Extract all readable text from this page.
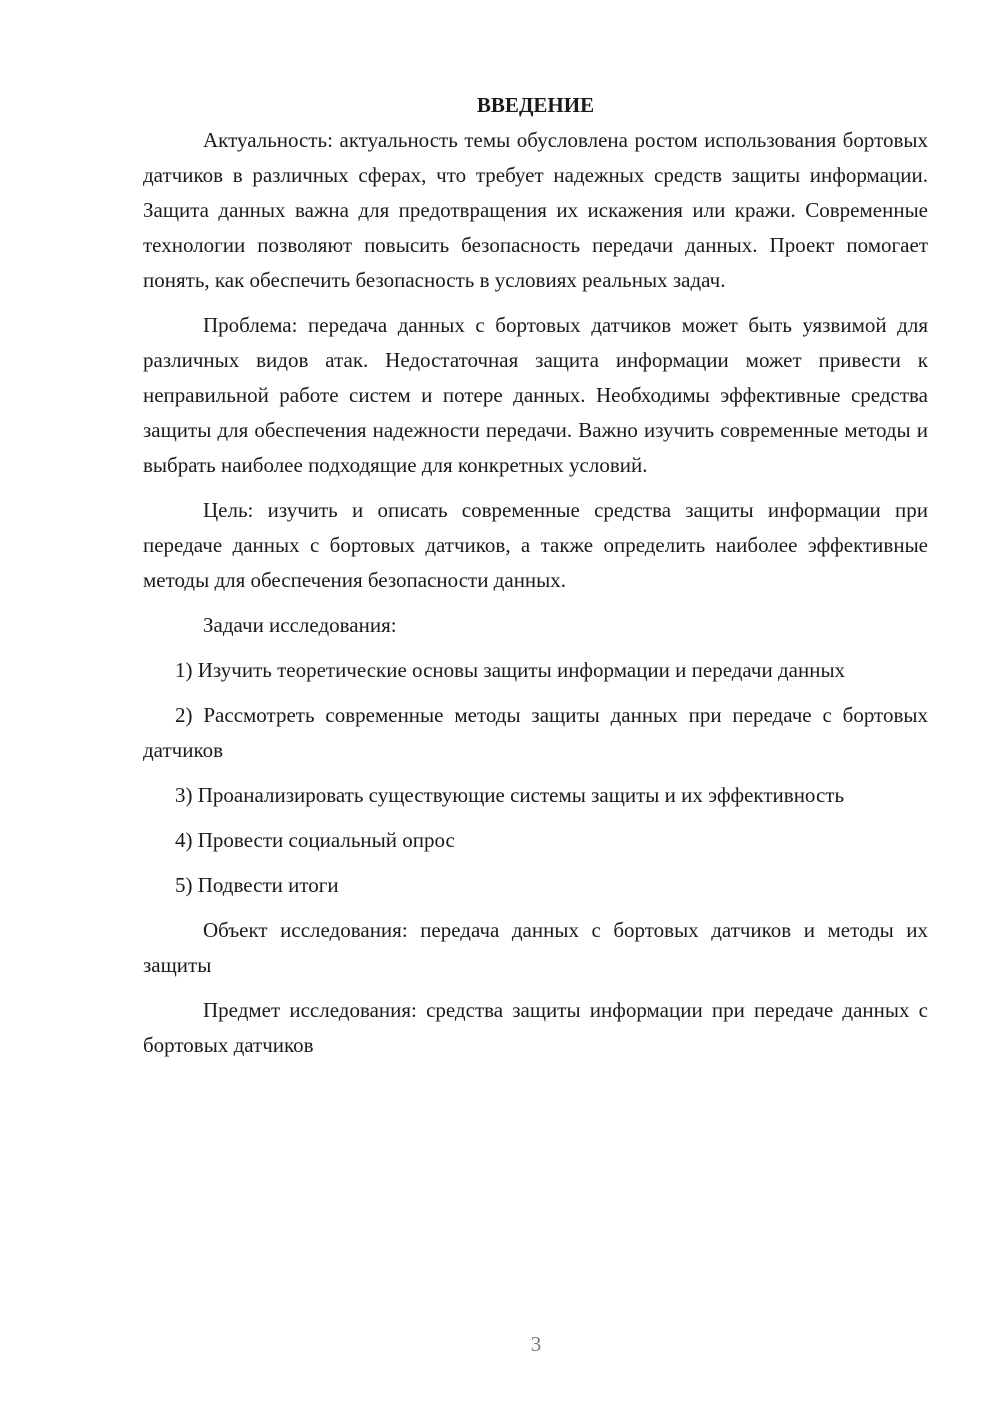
ВВЕДЕНИЕ

Актуальность: актуальность темы обусловлена ростом использования бортовых датчиков в различных сферах, что требует надежных средств защиты информации. Защита данных важна для предотвращения их искажения или кражи. Современные технологии позволяют повысить безопасность передачи данных. Проект помогает понять, как обеспечить безопасность в условиях реальных задач.

Проблема: передача данных с бортовых датчиков может быть уязвимой для различных видов атак. Недостаточная защита информации может привести к неправильной работе систем и потере данных. Необходимы эффективные средства защиты для обеспечения надежности передачи. Важно изучить современные методы и выбрать наиболее подходящие для конкретных условий.

Цель: изучить и описать современные средства защиты информации при передаче данных с бортовых датчиков, а также определить наиболее эффективные методы для обеспечения безопасности данных.

Задачи исследования:

1) Изучить теоретические основы защиты информации и передачи данных

2) Рассмотреть современные методы защиты данных при передаче с бортовых датчиков

3) Проанализировать существующие системы защиты и их эффективность

4) Провести социальный опрос

5) Подвести итоги

Объект исследования: передача данных с бортовых датчиков и методы их защиты

Предмет исследования: средства защиты информации при передаче данных с бортовых датчиков

3
